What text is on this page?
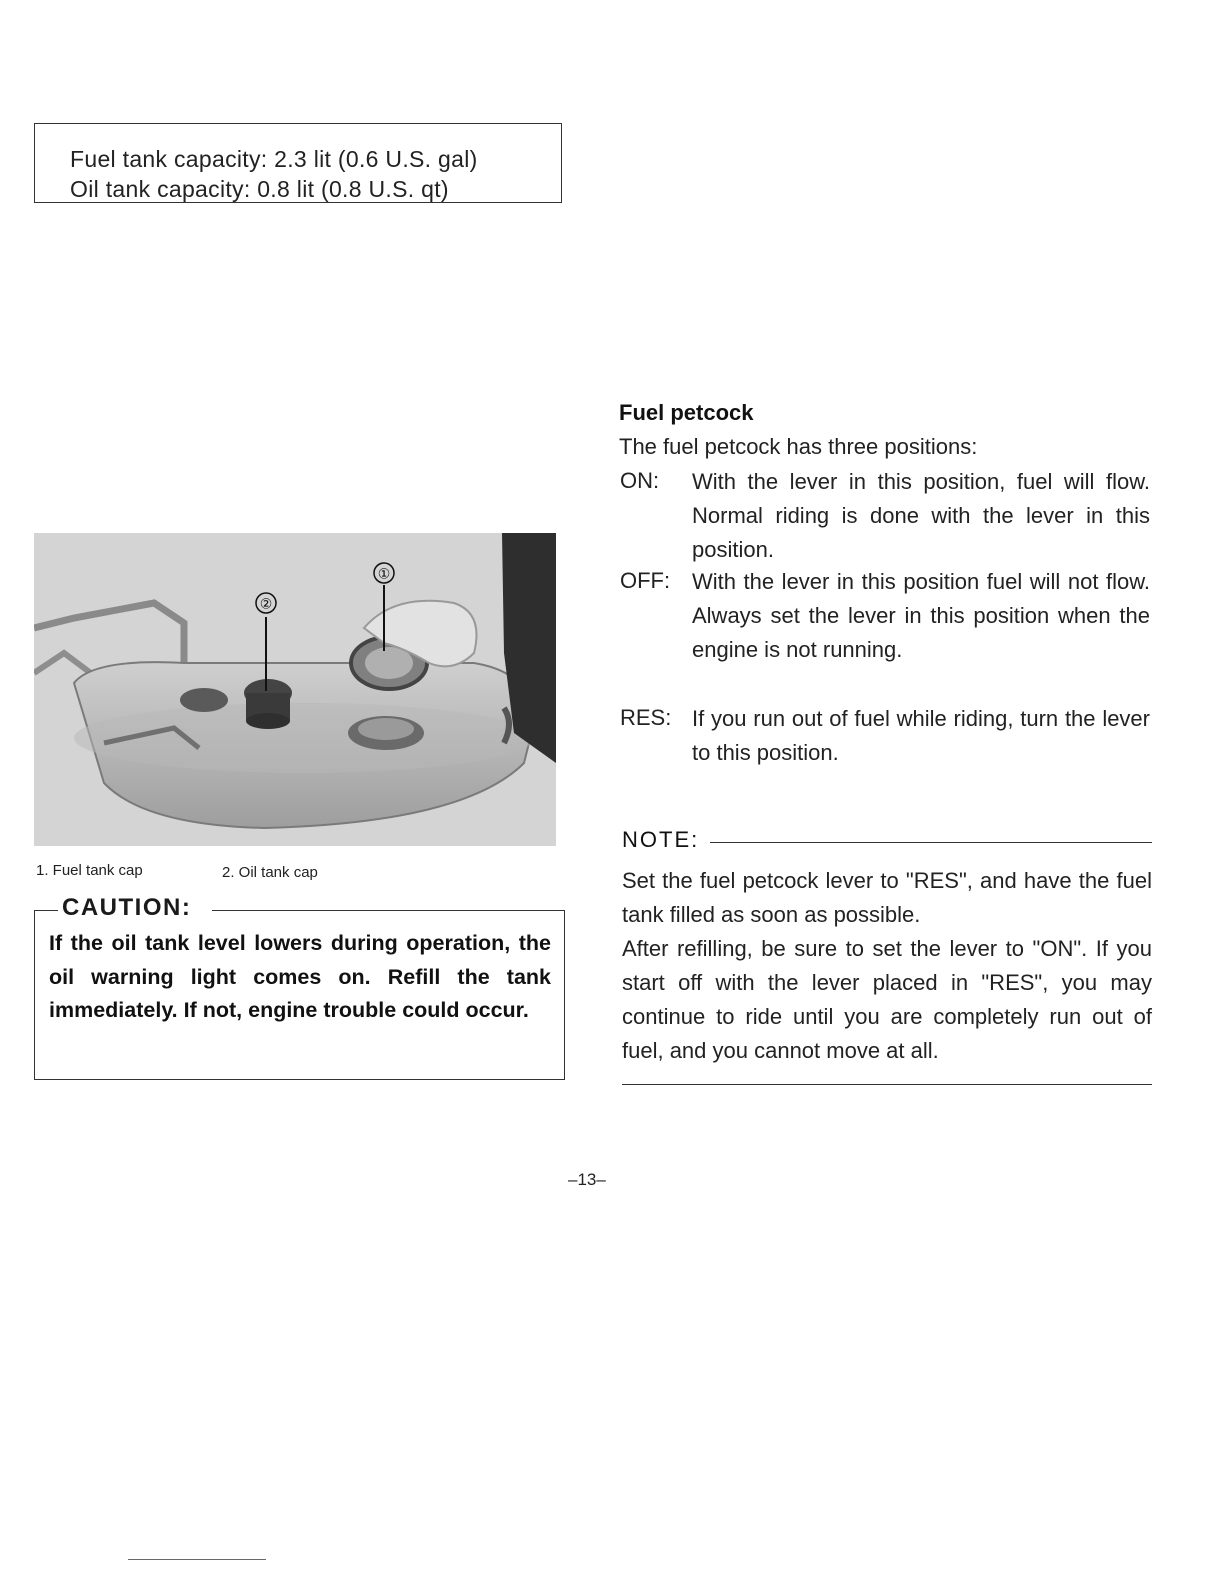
Fuel tank capacity: 2.3 lit (0.6 U.S. gal)
Oil tank capacity: 0.8 lit (0.8 U.S. qt)
①
②
1. Fuel tank cap	2. Oil tank cap
CAUTION:
If the oil tank level lowers during operation, the oil warning light comes on. Refill the tank immediately. If not, engine trouble could occur.
Fuel petcock
The fuel petcock has three positions:
ON: With the lever in this position, fuel will flow. Normal riding is done with the lever in this position.
OFF: With the lever in this position fuel will not flow. Always set the lever in this position when the engine is not running.
RES: If you run out of fuel while riding, turn the lever to this position.
NOTE:

Set the fuel petcock lever to "RES", and have the fuel tank filled as soon as possible.

After refilling, be sure to set the lever to "ON". If you start off with the lever placed in "RES", you may continue to ride until you are completely run out of fuel, and you cannot move at all.

–13–
